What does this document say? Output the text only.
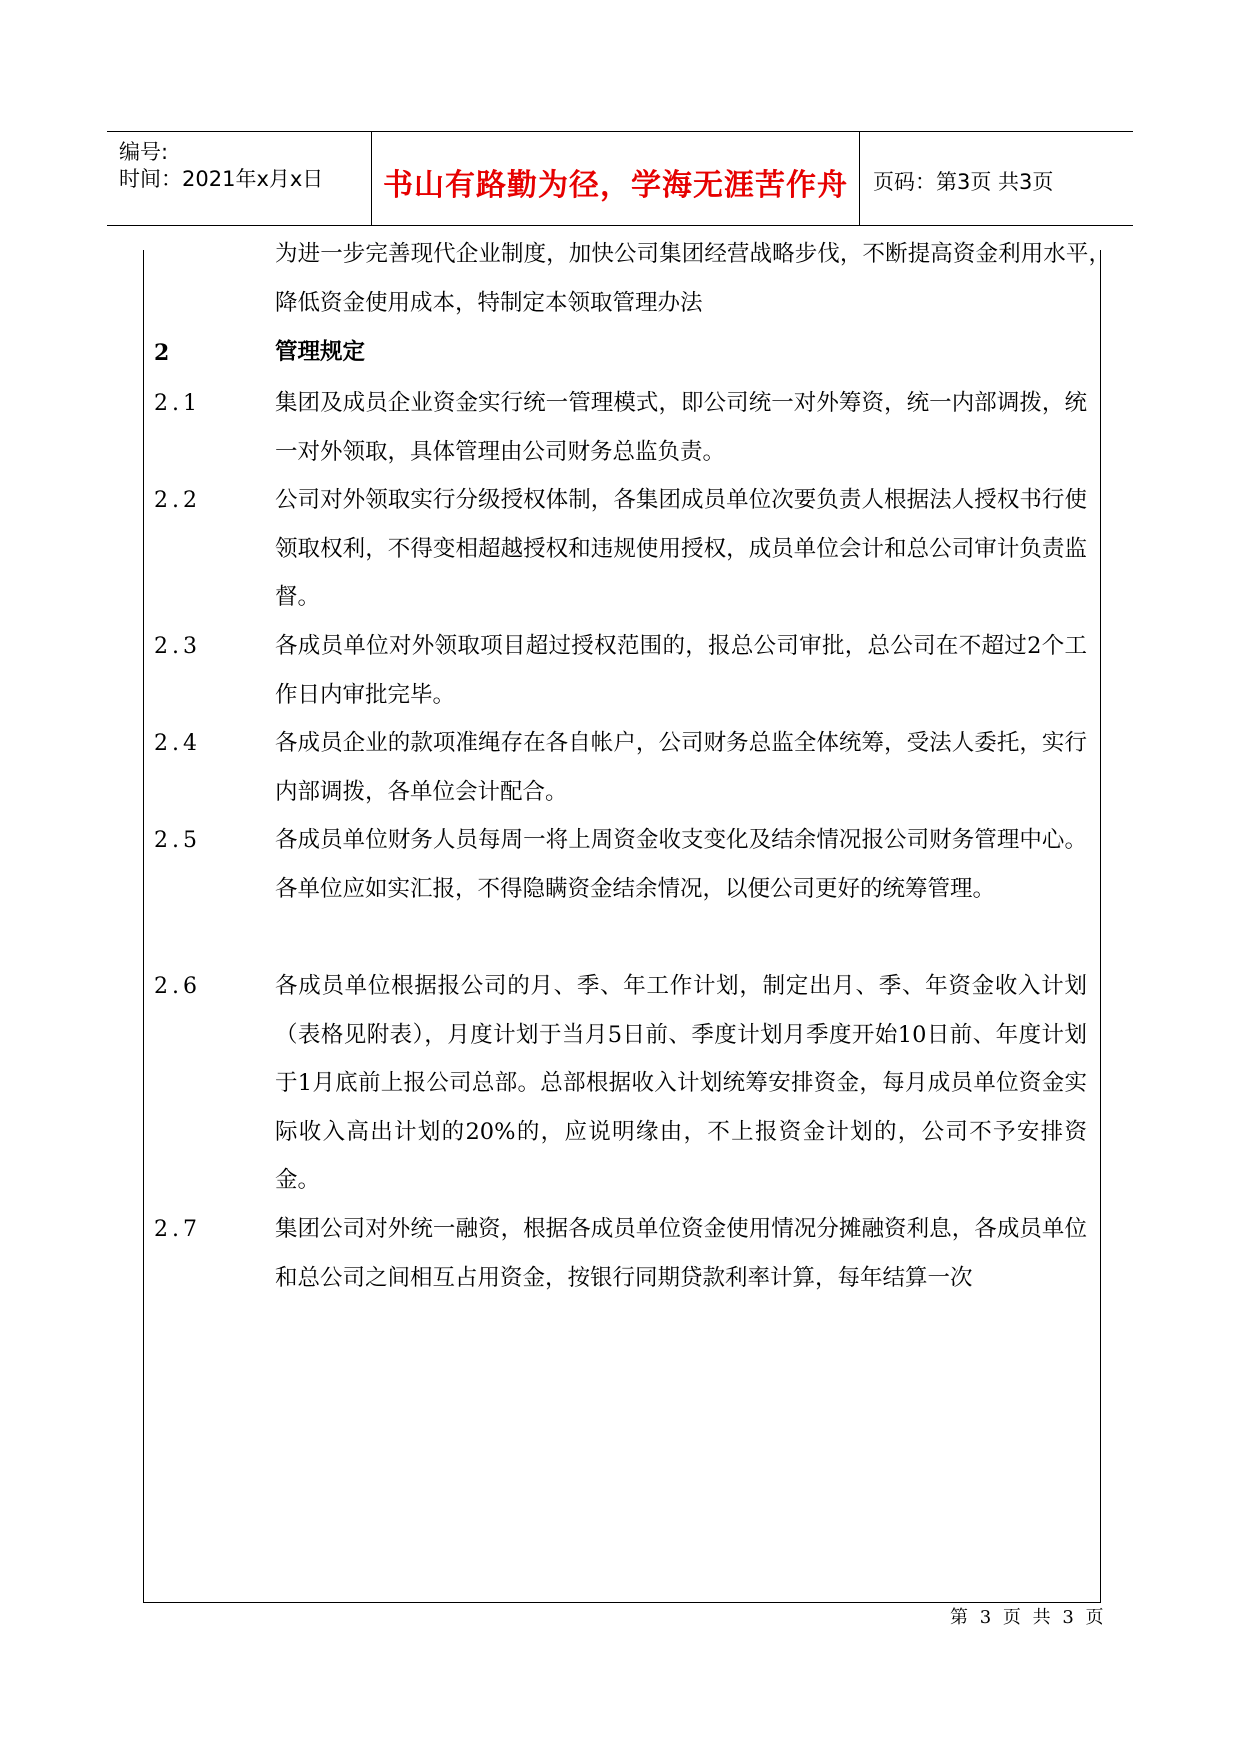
编号:
时间：2021年x月x日	书山有路勤为径，学海无涯苦作舟	页码：第3页 共3页
为进一步完善现代企业制度，加快公司集团经营战略步伐，不断提高资金利用水平，降低资金使用成本，特制定本领取管理办法
2	管理规定
2.1	集团及成员企业资金实行统一管理模式，即公司统一对外筹资，统一内部调拨，统一对外领取，具体管理由公司财务总监负责。
2.2	公司对外领取实行分级授权体制，各集团成员单位次要负责人根据法人授权书行使领取权利，不得变相超越授权和违规使用授权，成员单位会计和总公司审计负责监督。
2.3	各成员单位对外领取项目超过授权范围的，报总公司审批，总公司在不超过2个工作日内审批完毕。
2.4	各成员企业的款项准绳存在各自帐户，公司财务总监全体统筹，受法人委托，实行内部调拨，各单位会计配合。
2.5	各成员单位财务人员每周一将上周资金收支变化及结余情况报公司财务管理中心。各单位应如实汇报，不得隐瞒资金结余情况，以便公司更好的统筹管理。
2.6	各成员单位根据报公司的月、季、年工作计划，制定出月、季、年资金收入计划（表格见附表），月度计划于当月5日前、季度计划月季度开始10日前、年度计划于1月底前上报公司总部。总部根据收入计划统筹安排资金，每月成员单位资金实际收入高出计划的20%的，应说明缘由，不上报资金计划的，公司不予安排资金。
2.7	集团公司对外统一融资，根据各成员单位资金使用情况分摊融资利息，各成员单位和总公司之间相互占用资金，按银行同期贷款利率计算，每年结算一次
第 3 页 共 3 页
